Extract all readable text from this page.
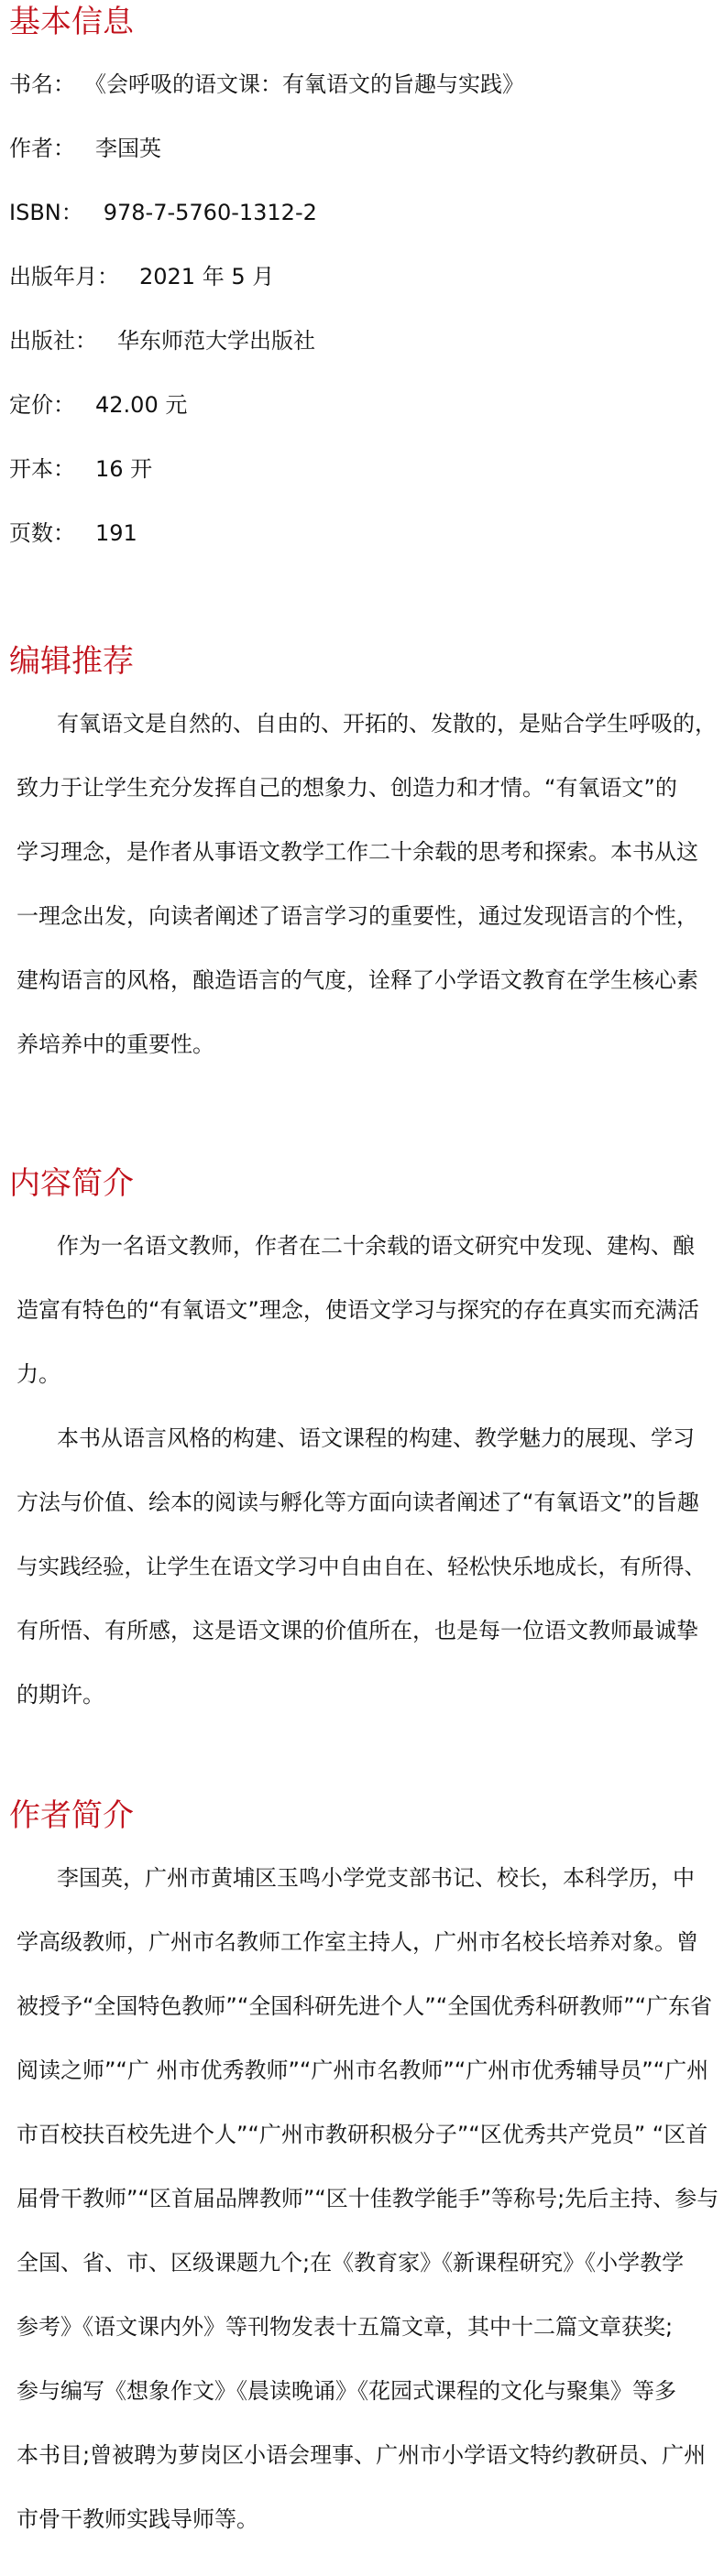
基本信息

书名： 《会呼吸的语文课：有氧语文的旨趣与实践》

作者： 李国英

ISBN： 978-7-5760-1312-2

出版年月： 2021 年 5 月

出版社： 华东师范大学出版社

定价： 42.00 元

开本： 16 开

页数： 191

编辑推荐

有氧语文是自然的、自由的、开拓的、发散的，是贴合学生呼吸的，

致力于让学生充分发挥自己的想象力、创造力和才情。“有氧语文”的

学习理念，是作者从事语文教学工作二十余载的思考和探索。本书从这

一理念出发，向读者阐述了语言学习的重要性，通过发现语言的个性，

建构语言的风格，酿造语言的气度，诠释了小学语文教育在学生核心素

养培养中的重要性。

内容简介

作为一名语文教师，作者在二十余载的语文研究中发现、建构、酿

造富有特色的“有氧语文”理念，使语文学习与探究的存在真实而充满活

力。

本书从语言风格的构建、语文课程的构建、教学魅力的展现、学习

方法与价值、绘本的阅读与孵化等方面向读者阐述了“有氧语文”的旨趣

与实践经验，让学生在语文学习中自由自在、轻松快乐地成长，有所得、

有所悟、有所感，这是语文课的价值所在，也是每一位语文教师最诚挚

的期许。

作者简介

李国英，广州市黄埔区玉鸣小学党支部书记、校长，本科学历，中

学高级教师，广州市名教师工作室主持人，广州市名校长培养对象。曾

被授予“全国特色教师”“全国科研先进个人”“全国优秀科研教师”“广东省

阅读之师”“广 州市优秀教师”“广州市名教师”“广州市优秀辅导员”“广州

市百校扶百校先进个人”“广州市教研积极分子”“区优秀共产党员” “区首

届骨干教师”“区首届品牌教师”“区十佳教学能手”等称号;先后主持、参与

全国、省、市、区级课题九个;在《教育家》《新课程研究》《小学教学

参考》《语文课内外》等刊物发表十五篇文章，其中十二篇文章获奖;

参与编写《想象作文》《晨读晚诵》《花园式课程的文化与聚集》等多

本书目;曾被聘为萝岗区小语会理事、广州市小学语文特约教研员、广州

市骨干教师实践导师等。
